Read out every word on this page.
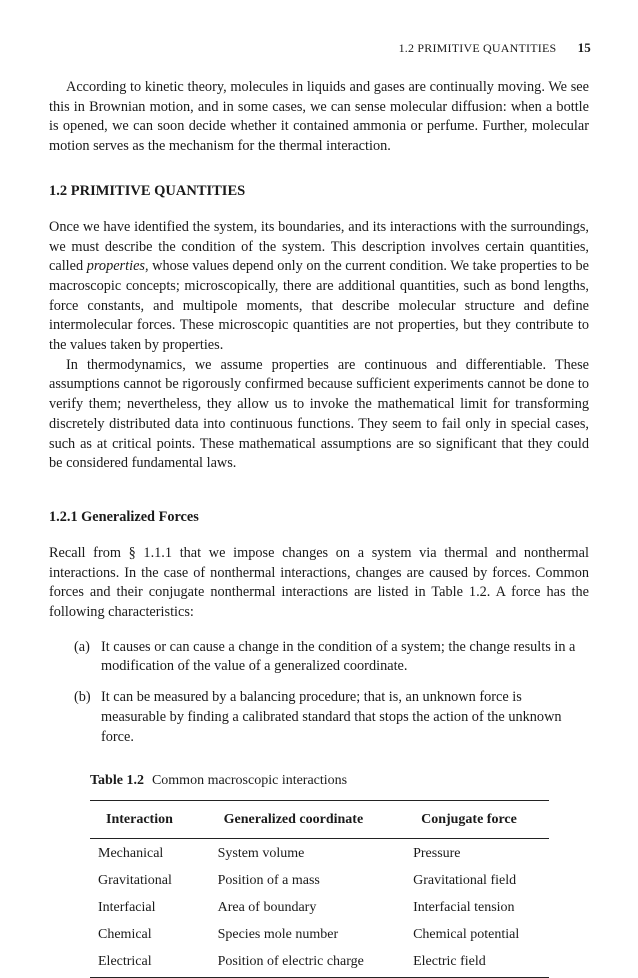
1.2 PRIMITIVE QUANTITIES 15

According to kinetic theory, molecules in liquids and gases are continually moving. We see this in Brownian motion, and in some cases, we can sense molecular diffusion: when a bottle is opened, we can soon decide whether it contained ammonia or perfume. Further, molecular motion serves as the mechanism for the thermal interaction.

1.2 PRIMITIVE QUANTITIES

Once we have identified the system, its boundaries, and its interactions with the surroundings, we must describe the condition of the system. This description involves certain quantities, called properties, whose values depend only on the current condition. We take properties to be macroscopic concepts; microscopically, there are additional quantities, such as bond lengths, force constants, and multipole moments, that describe molecular structure and define intermolecular forces. These microscopic quantities are not properties, but they contribute to the values taken by properties.

In thermodynamics, we assume properties are continuous and differentiable. These assumptions cannot be rigorously confirmed because sufficient experiments cannot be done to verify them; nevertheless, they allow us to invoke the mathematical limit for transforming discretely distributed data into continuous functions. They seem to fail only in special cases, such as at critical points. These mathematical assumptions are so significant that they could be considered fundamental laws.

1.2.1 Generalized Forces

Recall from § 1.1.1 that we impose changes on a system via thermal and nonthermal interactions. In the case of nonthermal interactions, changes are caused by forces. Common forces and their conjugate nonthermal interactions are listed in Table 1.2. A force has the following characteristics:

(a) It causes or can cause a change in the condition of a system; the change results in a modification of the value of a generalized coordinate.
(b) It can be measured by a balancing procedure; that is, an unknown force is measurable by finding a calibrated standard that stops the action of the unknown force.
Table 1.2 Common macroscopic interactions
Interaction	Generalized coordinate	Conjugate force
Mechanical	System volume	Pressure
Gravitational	Position of a mass	Gravitational field
Interfacial	Area of boundary	Interfacial tension
Chemical	Species mole number	Chemical potential
Electrical	Position of electric charge	Electric field
